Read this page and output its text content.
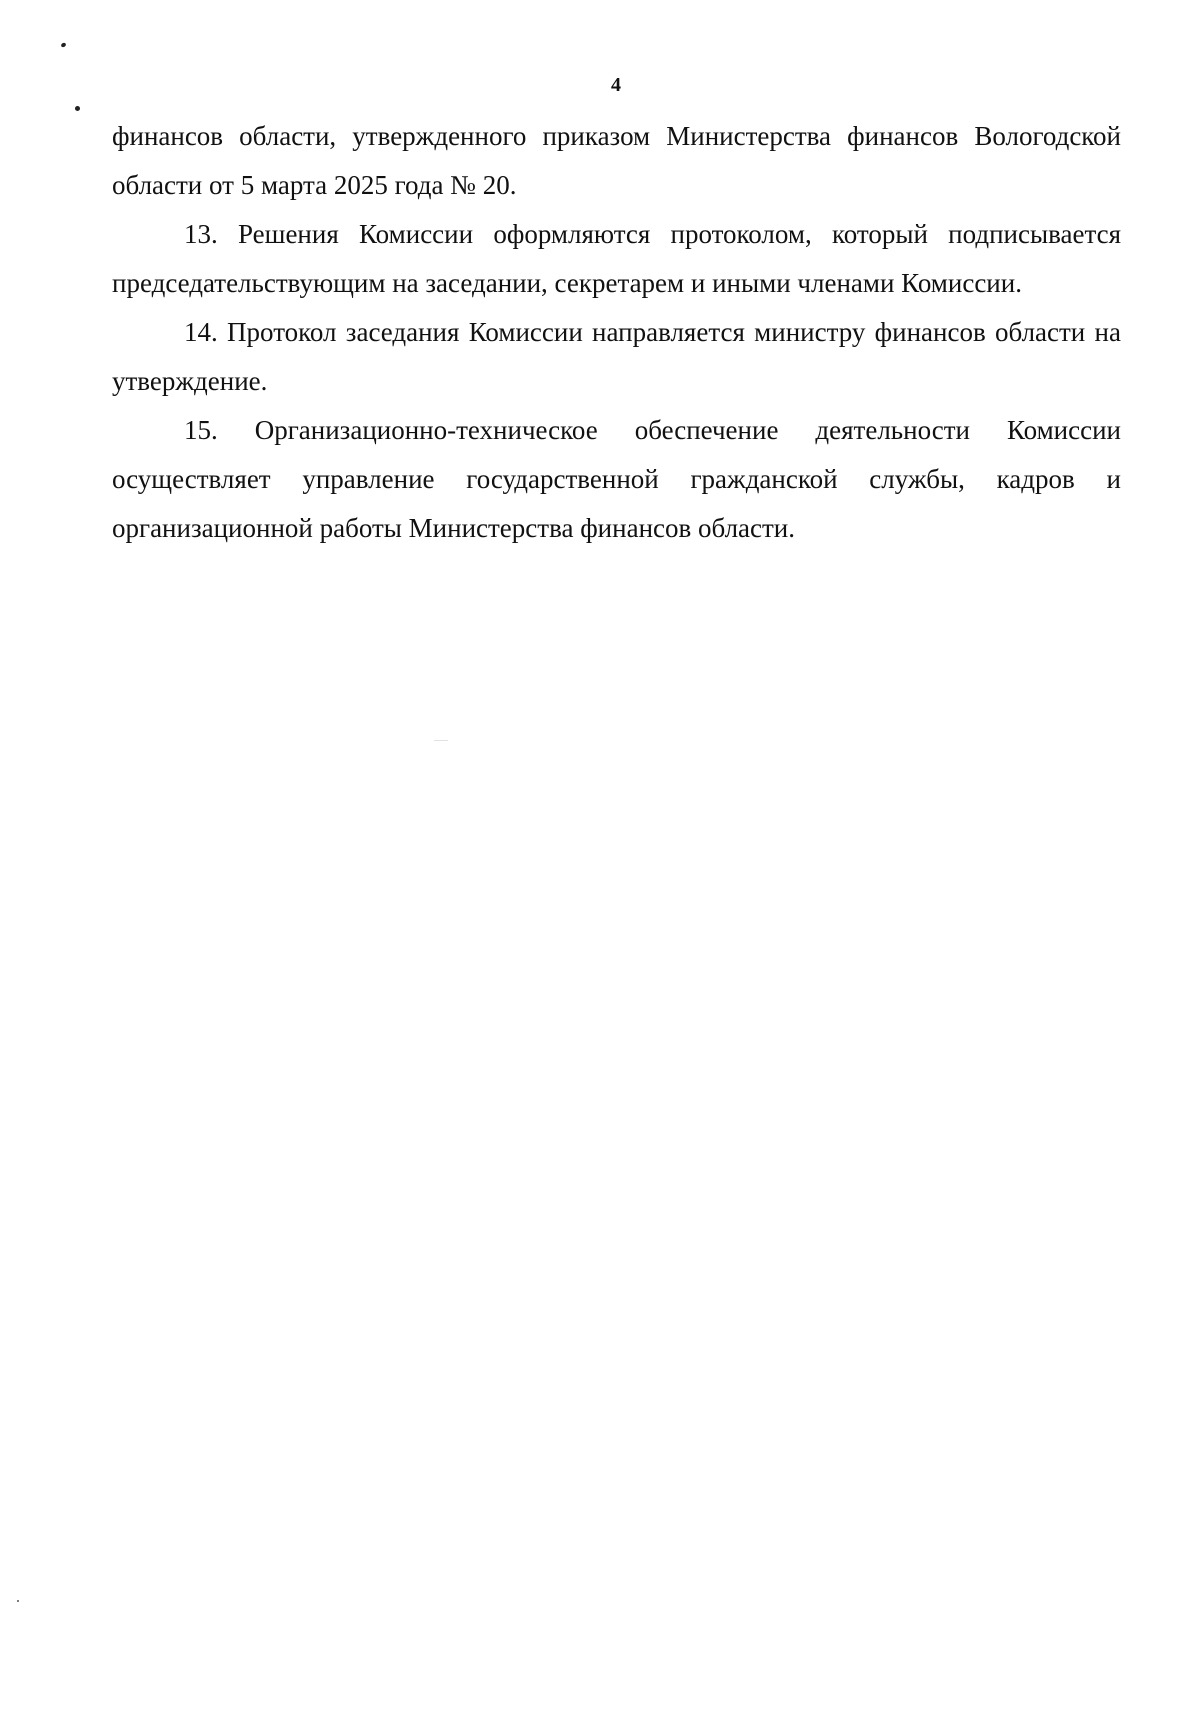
4

финансов области, утвержденного приказом Министерства финансов Вологодской области от 5 марта 2025 года № 20.

13. Решения Комиссии оформляются протоколом, который подписывается председательствующим на заседании, секретарем и иными членами Комиссии.

14. Протокол заседания Комиссии направляется министру финансов области на утверждение.

15. Организационно-техническое обеспечение деятельности Комиссии осуществляет управление государственной гражданской службы, кадров и организационной работы Министерства финансов области.
